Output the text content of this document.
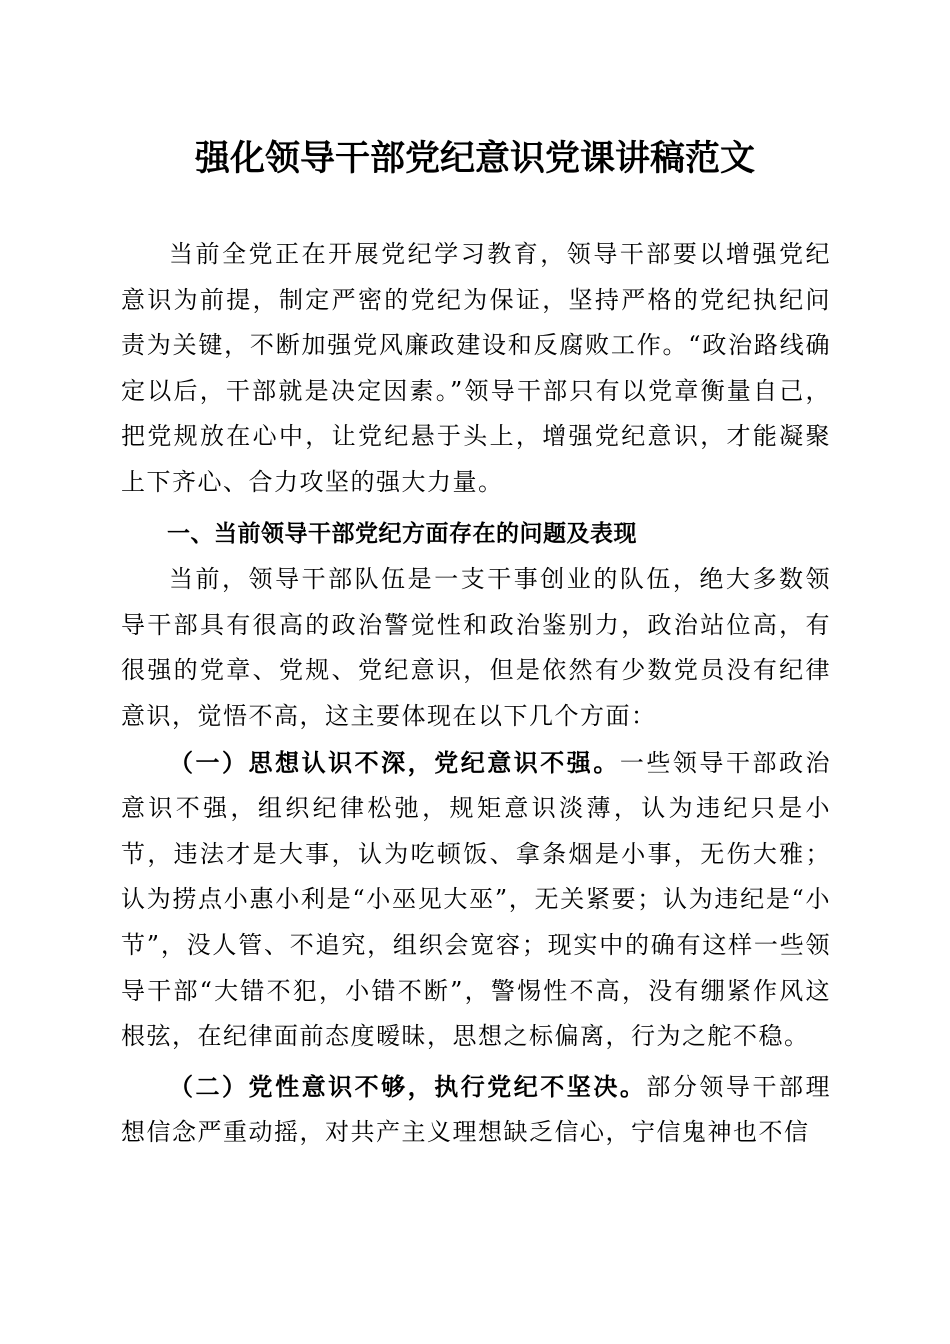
强化领导干部党纪意识党课讲稿范文

当前全党正在开展党纪学习教育，领导干部要以增强党纪意识为前提，制定严密的党纪为保证，坚持严格的党纪执纪问责为关键，不断加强党风廉政建设和反腐败工作。“政治路线确定以后，干部就是决定因素。”领导干部只有以党章衡量自己，把党规放在心中，让党纪悬于头上，增强党纪意识，才能凝聚上下齐心、合力攻坚的强大力量。

一、当前领导干部党纪方面存在的问题及表现

当前，领导干部队伍是一支干事创业的队伍，绝大多数领导干部具有很高的政治警觉性和政治鉴别力，政治站位高，有很强的党章、党规、党纪意识，但是依然有少数党员没有纪律意识，觉悟不高，这主要体现在以下几个方面：

（一）思想认识不深，党纪意识不强。一些领导干部政治意识不强，组织纪律松弛，规矩意识淡薄，认为违纪只是小节，违法才是大事，认为吃顿饭、拿条烟是小事，无伤大雅；认为捞点小惠小利是“小巫见大巫”，无关紧要；认为违纪是“小节”，没人管、不追究，组织会宽容；现实中的确有这样一些领导干部“大错不犯，小错不断”，警惕性不高，没有绷紧作风这根弦，在纪律面前态度暧昧，思想之标偏离，行为之舵不稳。

（二）党性意识不够，执行党纪不坚决。部分领导干部理想信念严重动摇，对共产主义理想缺乏信心，宁信鬼神也不信
